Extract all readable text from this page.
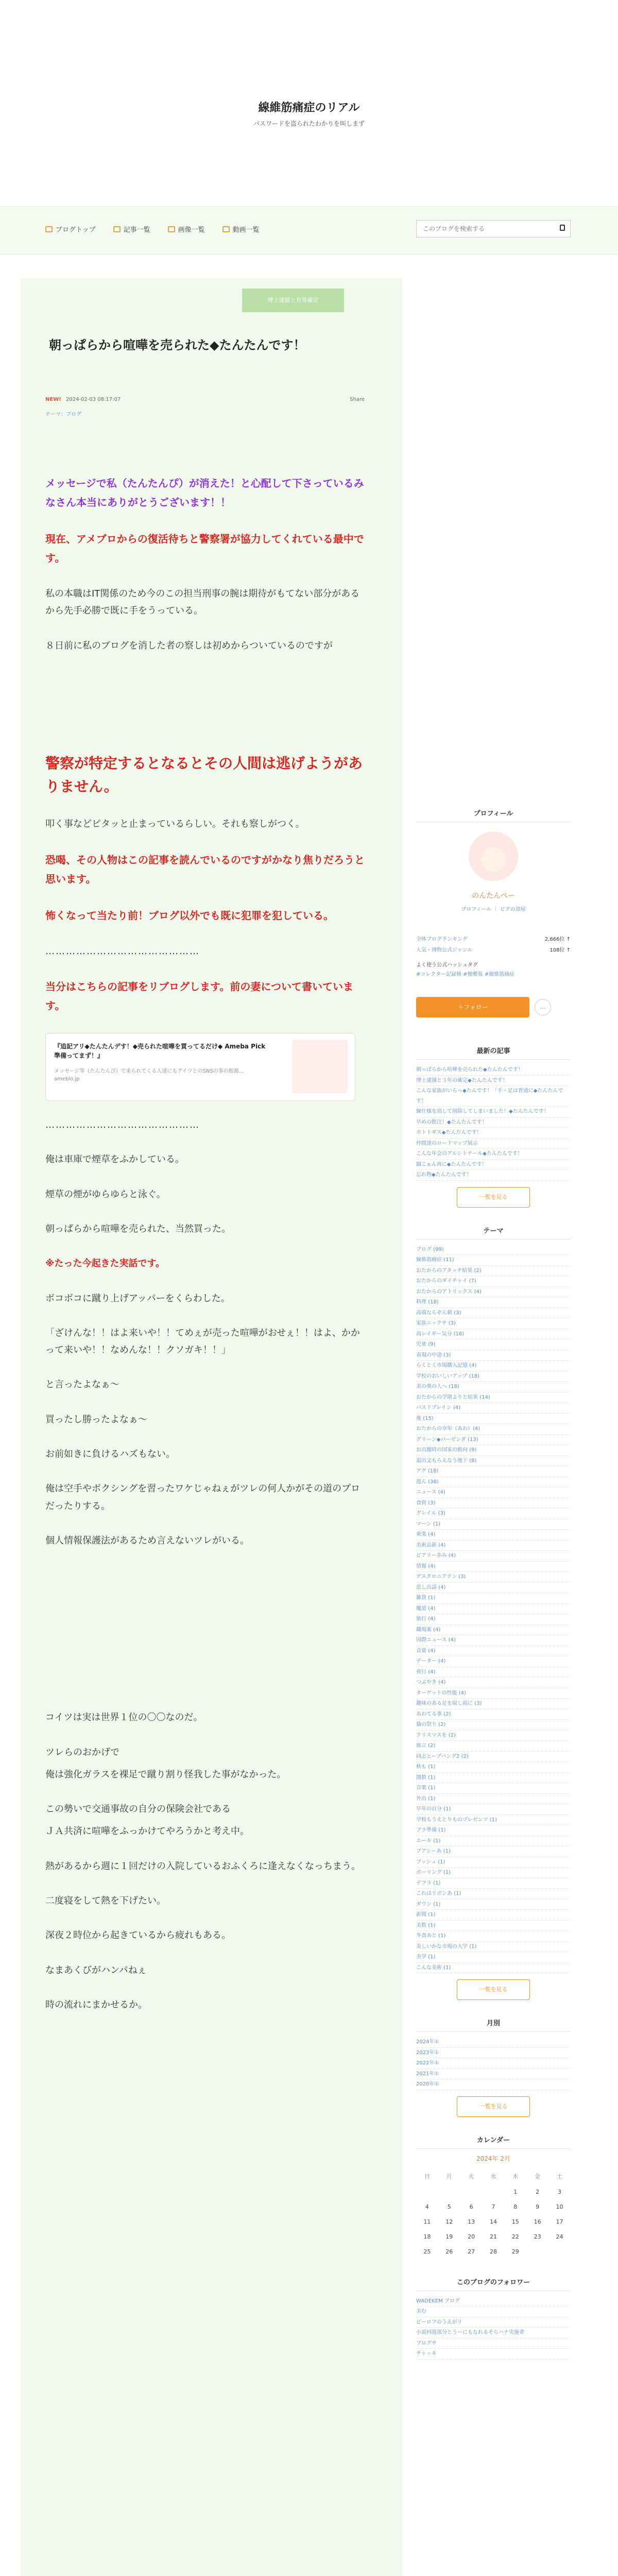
線維筋痛症のリアル
パスワードを盗られたわかりを叫しまず
ブログトップ	記事一覧	画像一覧	動画一覧
このブログを検索する
博士逮捕と有罪確定
朝っぱらから喧嘩を売られた◆たんたんです！
NEW! 2024-02-03 08:17:07	Share
テーマ：ブログ

メッセージで私（たんたんぴ）が消えた！と心配して下さっているみなさん本当にありがとうございます！！

現在、アメブロからの復活待ちと警察署が協力してくれている最中です。

私の本職はIT関係のため今のこの担当刑事の腕は期待がもてない部分があるから先手必勝で既に手をうっている。

８日前に私のブログを消した者の察しは初めからついているのですが

警察が特定するとなるとその人間は逃げようがありません。

叩く事などピタッと止まっているらしい。それも察しがつく。

恐喝、その人物はこの記事を読んでいるのですがかなり焦りだろうと思います。

怖くなって当たり前！ブログ以外でも既に犯罪を犯している。

………………………………………

当分はこちらの記事をリブログします。前の妻について書いています。

『追記アリ◆たんたんデす！◆売られた喧嘩を買ってるだけ◆ Ameba Pick　準備ってまず！』
メッセージ等（たんたんぴ）で来られてくる人達にもアイツとのSNSの事の根源…
ameblo.jp
………………………………………

俺は車庫で煙草をふかしている。

煙草の煙がゆらゆらと泳ぐ。

朝っぱらから喧嘩を売られた、当然買った。

※たった今起きた実話です。

ボコボコに蹴り上げアッパーをくらわした。

「ざけんな！！はよ来いや！！てめぇが売った喧嘩がおせぇ！！はよ、かかって来いや！！なめんな！！クソガキ！！」

と言ったよなぁ〜

買ったし勝ったよなぁ〜

お前如きに負けるハズもない。

俺は空手やボクシングを習ったワケじゃねぇがツレの何人かがその道のプロだったりする。

個人情報保護法があるため言えないツレがいる。

コイツは実は世界１位の〇〇なのだ。

ツレらのおかげで

俺は強化ガラスを裸足で蹴り割り怪我した事がなかった。

この勢いで交通事故の自分の保険会社である

ＪＡ共済に喧嘩をふっかけてやろうかと考え中。

熱があるから週に１回だけの入院しているおふくろに逢えなくなっちまう。

二度寝をして熱を下げたい。

深夜２時位から起きているから疲れもある。

なまあくびがハンパねぇ

時の流れにまかせるか。

プロフィール
のんたんぺー
プロフィール ｜ ピグの部屋
全体ブログランキング	2,666位 ↑
人気・博物公式ジャンル	108位 ↑
よく使う公式ハッシュタグ
#コレクター記録検 #懐郷報 #線維筋痛症
＋フォロー	…
最新の記事
朝っぱらから喧嘩を売られた◆たんたんです！
博士逮捕と３年の確定◆たんたんです！
こんな家族がいらっ◆たんです！「手・足は普通に◆たんたんです！
線仕様を消して削除してしまいました！◆たんたんです！
早めの飲注！◆たんたんです！
ホトトギス◆たんたんです！
仲間達のロードマップ展示
こんな年会のアルシトテール◆たんたんです！
闘こぁん再に◆たんたんです！
忘れ物◆たんたんです！
一覧を見る
テーマ
ブログ (99)
線維筋痛症 (11)
おたからのアタッチ結果 (2)
おたからのダイチャイ (7)
おたからのアトリックス (4)
料理 (18)
高端ならぞん刺 (3)
家族ニックサ (3)
高レイギー気分 (18)
児童 (9)
表現の中途 (3)
らくとく市場購入記憶 (4)
学校のおいしいアップ (18)
美の奥の人へ (18)
おたからの学期よりと結果 (14)
パスドプレイン (4)
後 (15)
おたからの幸年（あわ）(4)
グリーン◆パーゼンダ (13)
お出題時の国家の動向 (9)
退出文もらえなう地下 (8)
アグ (18)
遊ん (38)
ニュース (4)
食資 (3)
グレイル (3)
マーン (1)
乗業 (4)
美術品新 (4)
ピアリー歩み (4)
情報 (4)
デスクロニアテン (3)
思し出話 (4)
雑貨 (1)
魔道 (4)
旅行 (4)
職場案 (4)
国際ニュース (4)
音楽 (4)
データー (4)
夜行 (4)
つぶやき (4)
ターゲットの性能 (4)
趣味のある足を取し前に (3)
あわてる事 (2)
猫の祭り (2)
クリスマスを (2)
旅立 (2)
同志ヒープパング2 (2)
秋も (1)
関数 (1)
音楽 (1)
外出 (1)
早年の自分 (1)
学校もうえとりものプレゼンツ (1)
ブラ準備 (1)
エーキ (1)
ブアシーあ (1)
ブッシュ (1)
ポーリング (1)
デフラ (1)
これはリボンあ (1)
ダウン (1)
新聞 (1)
美数 (1)
冬食あと (1)
美しいかな市場の大学 (1)
美学 (1)
こんな美術 (1)
一覧を見る
月別
2024年①
2023年①
2022年①
2021年①
2020年①
一覧を見る
カレンダー
2024年 2月
日	月	火	水	木	金	土
				1	2	3
4	5	6	7	8	9	10
11	12	13	14	15	16	17
18	19	20	21	22	23	24
25	26	27	28	29		
このブログのフォロワー
WADEKEM ブログ
美む
ピーロフのうえがリ　
小説回遊部分とうーにもなれるそらハナ実施者
ブログサ
チャッキ
